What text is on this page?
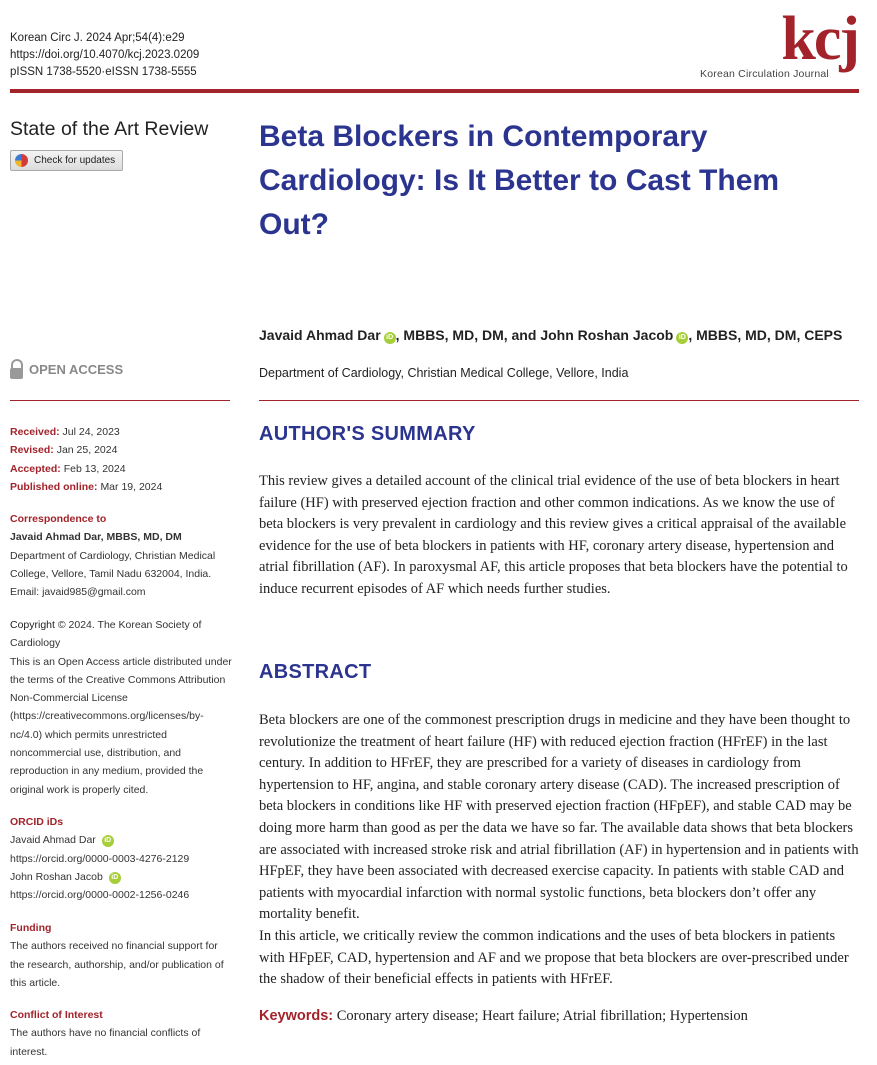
Korean Circ J. 2024 Apr;54(4):e29
https://doi.org/10.4070/kcj.2023.0209
pISSN 1738-5520·eISSN 1738-5555	kcj
Korean Circulation Journal
State of the Art Review
Check for updates
Beta Blockers in Contemporary Cardiology: Is It Better to Cast Them Out?
Javaid Ahmad Dar iD , MBBS, MD, DM, and John Roshan Jacob iD , MBBS, MD, DM, CEPS
Department of Cardiology, Christian Medical College, Vellore, India
OPEN ACCESS
Received: Jul 24, 2023
Revised: Jan 25, 2024
Accepted: Feb 13, 2024
Published online: Mar 19, 2024
Correspondence to
Javaid Ahmad Dar, MBBS, MD, DM
Department of Cardiology, Christian Medical College, Vellore, Tamil Nadu 632004, India.
Email: javaid985@gmail.com
Copyright © 2024. The Korean Society of Cardiology
This is an Open Access article distributed under the terms of the Creative Commons Attribution Non-Commercial License (https://creativecommons.org/licenses/by-nc/4.0) which permits unrestricted noncommercial use, distribution, and reproduction in any medium, provided the original work is properly cited.
ORCID iDs
Javaid Ahmad Dar iD
https://orcid.org/0000-0003-4276-2129
John Roshan Jacob iD
https://orcid.org/0000-0002-1256-0246
Funding
The authors received no financial support for the research, authorship, and/or publication of this article.
Conflict of Interest
The authors have no financial conflicts of interest.
AUTHOR'S SUMMARY
This review gives a detailed account of the clinical trial evidence of the use of beta blockers in heart failure (HF) with preserved ejection fraction and other common indications. As we know the use of beta blockers is very prevalent in cardiology and this review gives a critical appraisal of the available evidence for the use of beta blockers in patients with HF, coronary artery disease, hypertension and atrial fibrillation (AF). In paroxysmal AF, this article proposes that beta blockers have the potential to induce recurrent episodes of AF which needs further studies.
ABSTRACT
Beta blockers are one of the commonest prescription drugs in medicine and they have been thought to revolutionize the treatment of heart failure (HF) with reduced ejection fraction (HFrEF) in the last century. In addition to HFrEF, they are prescribed for a variety of diseases in cardiology from hypertension to HF, angina, and stable coronary artery disease (CAD). The increased prescription of beta blockers in conditions like HF with preserved ejection fraction (HFpEF), and stable CAD may be doing more harm than good as per the data we have so far. The available data shows that beta blockers are associated with increased stroke risk and atrial fibrillation (AF) in hypertension and in patients with HFpEF, they have been associated with decreased exercise capacity. In patients with stable CAD and patients with myocardial infarction with normal systolic functions, beta blockers don’t offer any mortality benefit.
In this article, we critically review the common indications and the uses of beta blockers in patients with HFpEF, CAD, hypertension and AF and we propose that beta blockers are over-prescribed under the shadow of their beneficial effects in patients with HFrEF.
Keywords: Coronary artery disease; Heart failure; Atrial fibrillation; Hypertension
